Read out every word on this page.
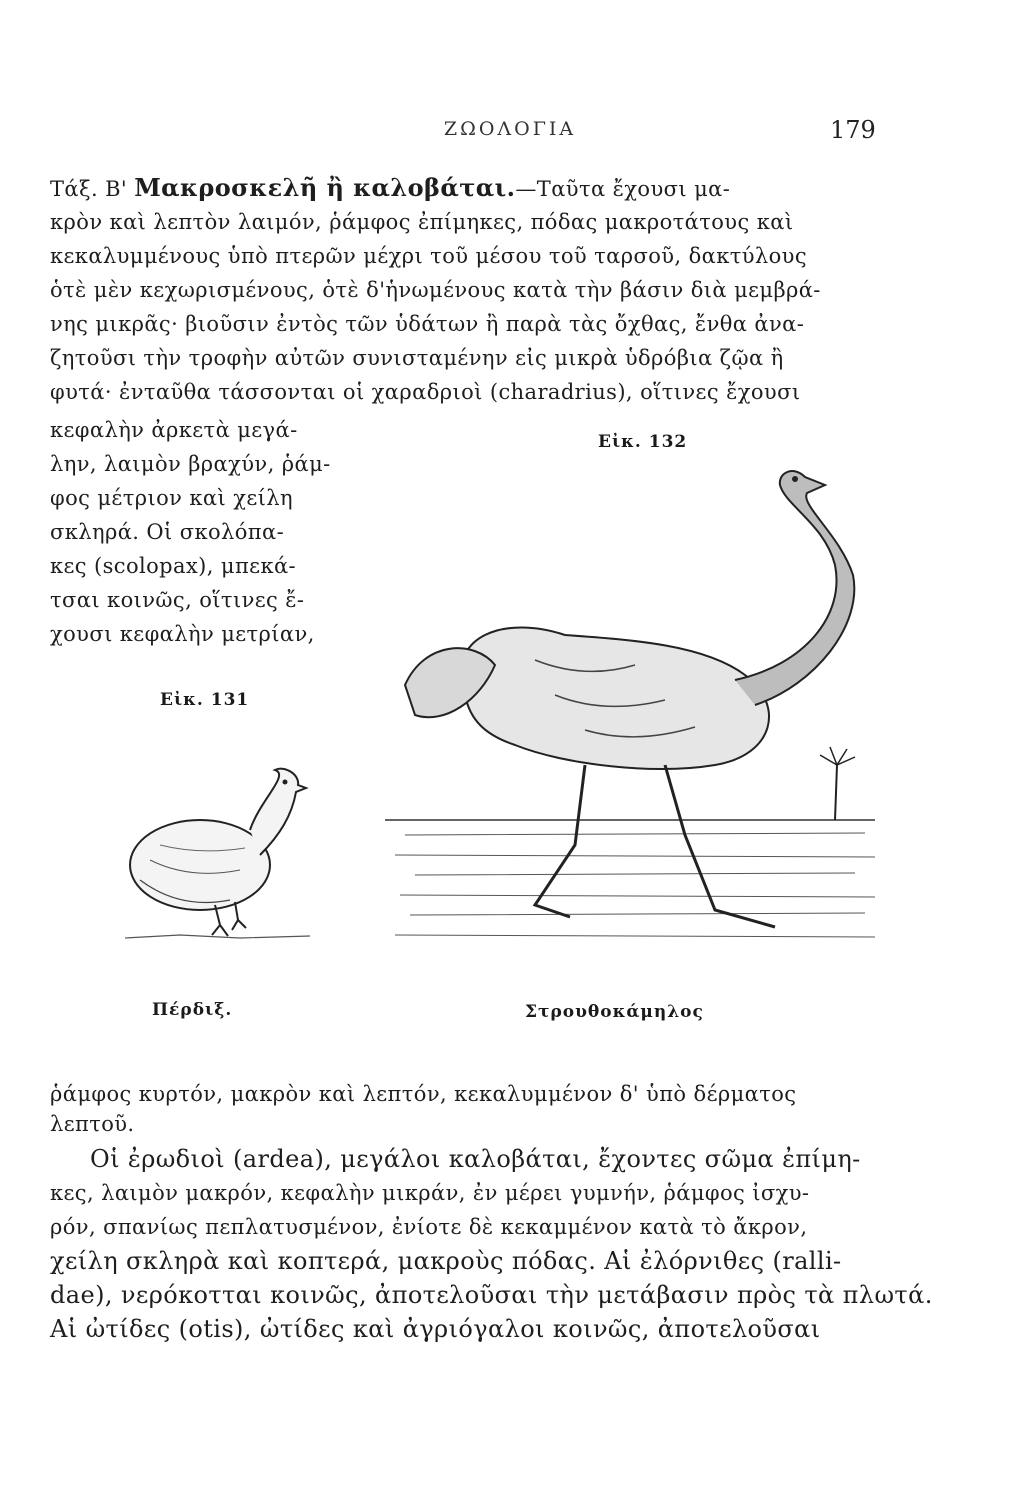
ΖΩΟΛΟΓΙΑ	179
Τάξ. Β' Μακροσκελῆ ἢ καλοβάται.—Ταῦτα ἔχουσι μα-
κρὸν καὶ λεπτὸν λαιμόν, ῥάμφος ἐπίμηκες, πόδας μακροτάτους καὶ
κεκαλυμμένους ὑπὸ πτερῶν μέχρι τοῦ μέσου τοῦ ταρσοῦ, δακτύλους
ὁτὲ μὲν κεχωρισμένους, ὁτὲ δ'ἡνωμένους κατὰ τὴν βάσιν διὰ μεμβρά-
νης μικρᾶς· βιοῦσιν ἐντὸς τῶν ὑδάτων ἢ παρὰ τὰς ὄχθας, ἔνθα ἀνα-
ζητοῦσι τὴν τροφὴν αὐτῶν συνισταμένην εἰς μικρὰ ὑδρόβια ζῷα ἢ
φυτά· ἐνταῦθα τάσσονται οἱ χαραδριοὶ (charadrius), οἵτινες ἔχουσι
κεφαλὴν ἀρκετὰ μεγά-
λην, λαιμὸν βραχύν, ῥάμ-
φος μέτριον καὶ χείλη
σκληρά. Οἱ σκολόπα-
κες (scolopax), μπεκά-
τσαι κοινῶς, οἵτινες ἔ-
χουσι κεφαλὴν μετρίαν,
Εἰκ. 132
Εἰκ. 131
Πέρδιξ.	Στρουθοκάμηλος
ῥάμφος κυρτόν, μακρὸν καὶ λεπτόν, κεκαλυμμένον δ' ὑπὸ δέρματος
λεπτοῦ.
Οἱ ἐρωδιοὶ (ardea), μεγάλοι καλοβάται, ἔχοντες σῶμα ἐπίμη-
κες, λαιμὸν μακρόν, κεφαλὴν μικράν, ἐν μέρει γυμνήν, ῥάμφος ἰσχυ-
ρόν, σπανίως πεπλατυσμένον, ἐνίοτε δὲ κεκαμμένον κατὰ τὸ ἄκρον,
χείλη σκληρὰ καὶ κοπτερά, μακροὺς πόδας. Αἱ ἐλόρνιθες (ralli-
dae), νερόκοτται κοινῶς, ἀποτελοῦσαι τὴν μετάβασιν πρὸς τὰ πλωτά.
Αἱ ὠτίδες (otis), ὠτίδες καὶ ἀγριόγαλοι κοινῶς, ἀποτελοῦσαι
